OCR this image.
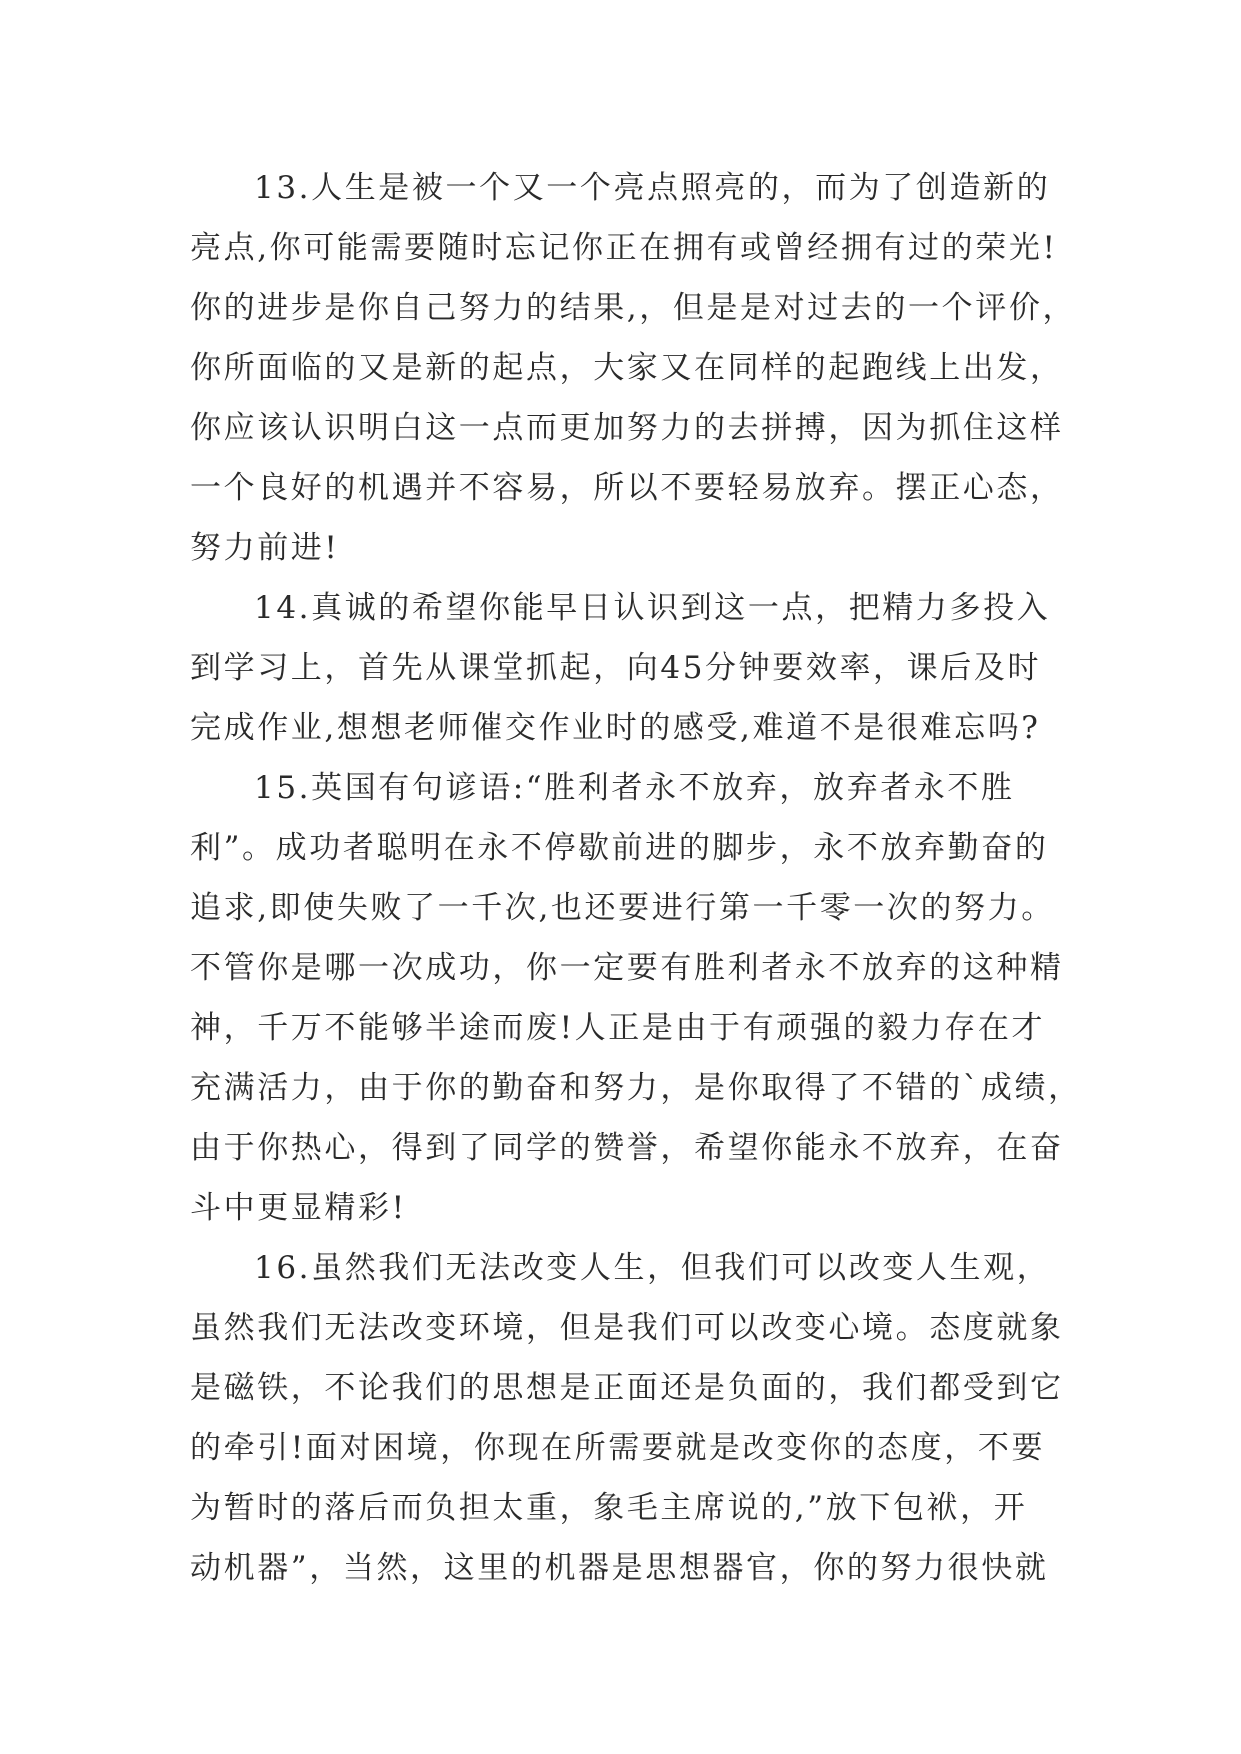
13.人生是被一个又一个亮点照亮的，而为了创造新的
亮点,你可能需要随时忘记你正在拥有或曾经拥有过的荣光!
你的进步是你自己努力的结果,，但是是对过去的一个评价，
你所面临的又是新的起点，大家又在同样的起跑线上出发，
你应该认识明白这一点而更加努力的去拼搏，因为抓住这样
一个良好的机遇并不容易，所以不要轻易放弃。摆正心态，
努力前进!
14.真诚的希望你能早日认识到这一点，把精力多投入
到学习上，首先从课堂抓起，向45分钟要效率，课后及时
完成作业,想想老师催交作业时的感受,难道不是很难忘吗?
15.英国有句谚语:“胜利者永不放弃，放弃者永不胜
利”。成功者聪明在永不停歇前进的脚步，永不放弃勤奋的
追求,即使失败了一千次,也还要进行第一千零一次的努力。
不管你是哪一次成功，你一定要有胜利者永不放弃的这种精
神，千万不能够半途而废!人正是由于有顽强的毅力存在才
充满活力，由于你的勤奋和努力，是你取得了不错的`成绩，
由于你热心，得到了同学的赞誉，希望你能永不放弃，在奋
斗中更显精彩!
16.虽然我们无法改变人生，但我们可以改变人生观，
虽然我们无法改变环境，但是我们可以改变心境。态度就象
是磁铁，不论我们的思想是正面还是负面的，我们都受到它
的牵引!面对困境，你现在所需要就是改变你的态度，不要
为暂时的落后而负担太重，象毛主席说的,”放下包袱，开
动机器”，当然，这里的机器是思想器官，你的努力很快就
